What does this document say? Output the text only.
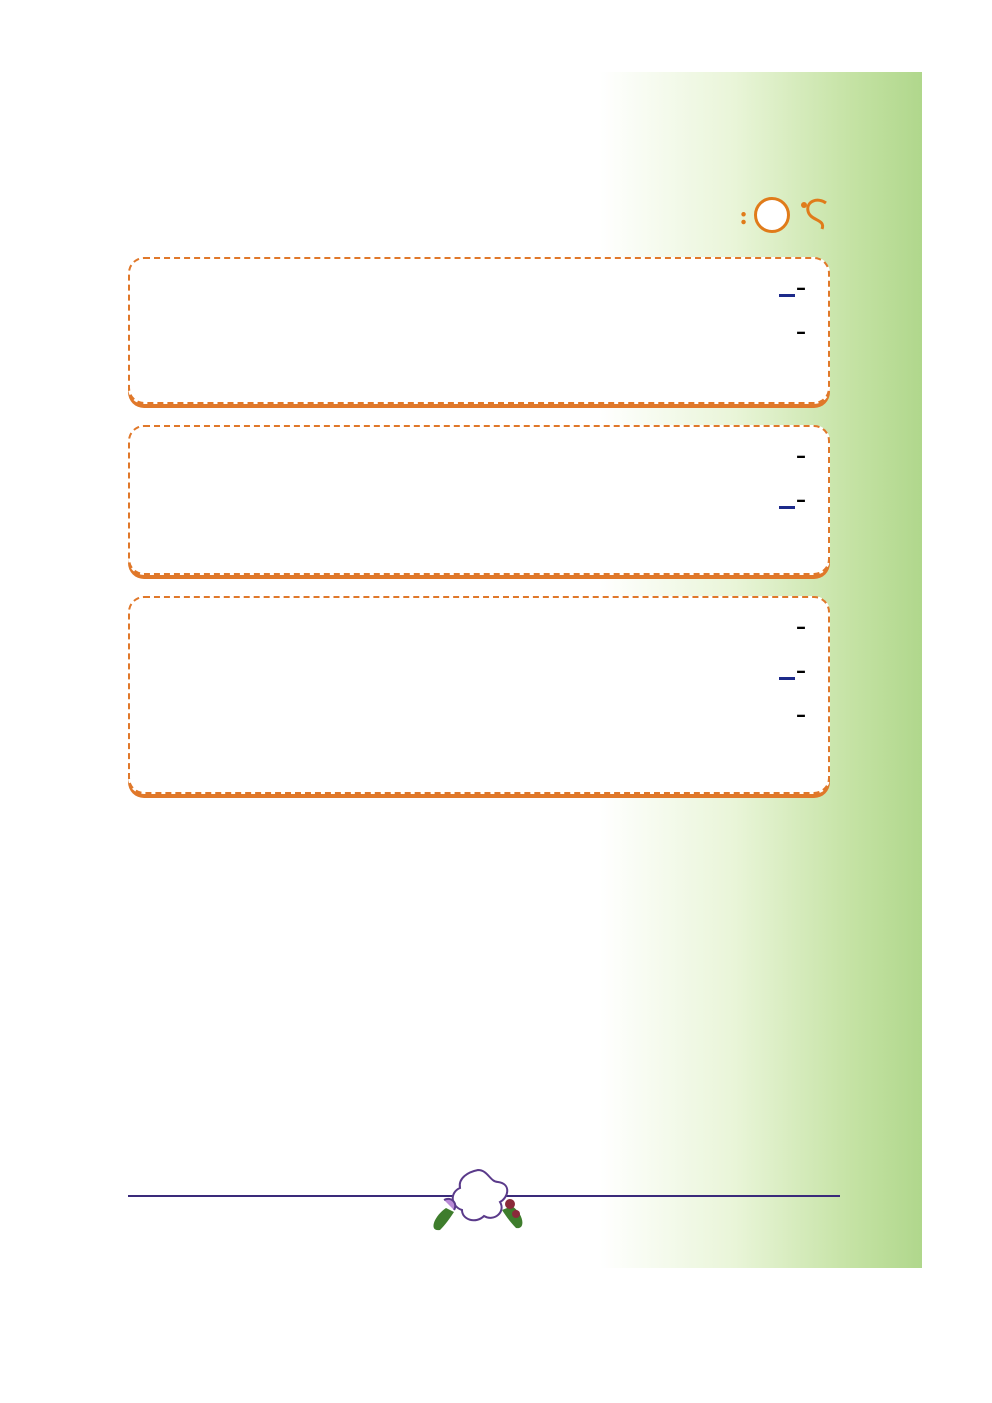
:
–
–
–
–
–
–
–
